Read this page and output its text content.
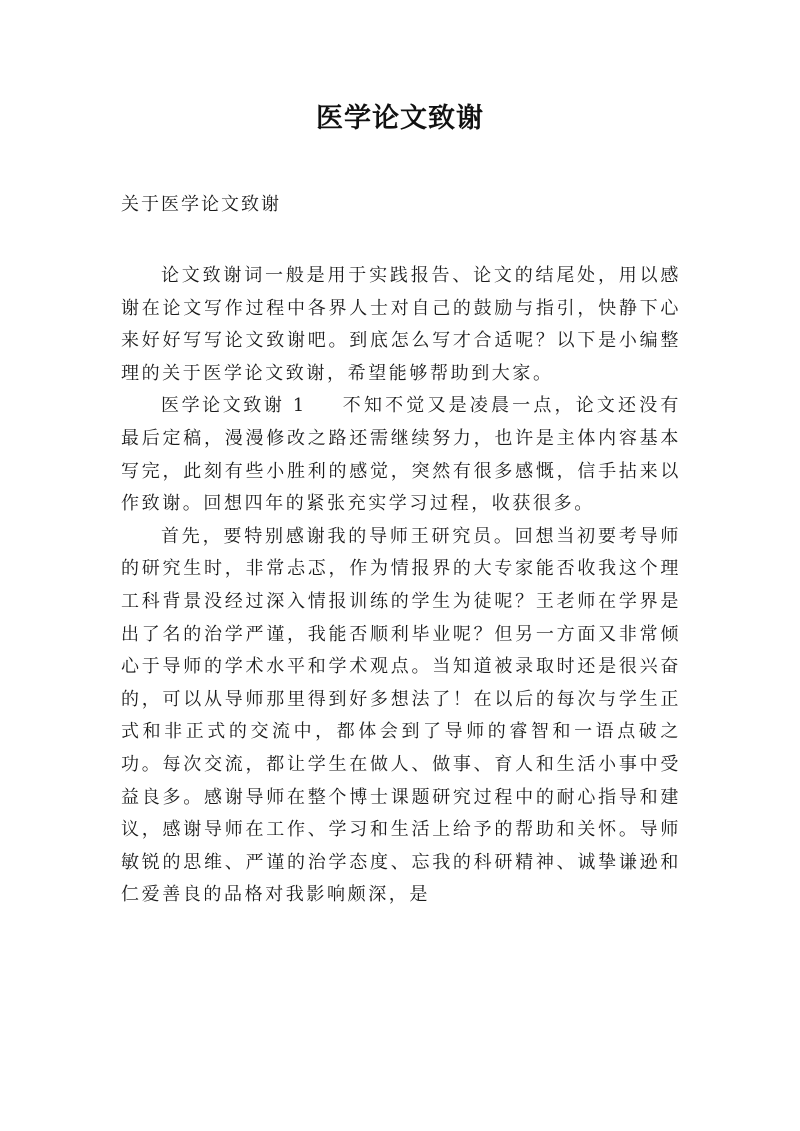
医学论文致谢
关于医学论文致谢

论文致谢词一般是用于实践报告、论文的结尾处，用以感谢在论文写作过程中各界人士对自己的鼓励与指引，快静下心来好好写写论文致谢吧。到底怎么写才合适呢？以下是小编整理的关于医学论文致谢，希望能够帮助到大家。

医学论文致谢 1 不知不觉又是凌晨一点，论文还没有最后定稿，漫漫修改之路还需继续努力，也许是主体内容基本写完，此刻有些小胜利的感觉，突然有很多感慨，信手拈来以作致谢。回想四年的紧张充实学习过程，收获很多。

首先，要特别感谢我的导师王研究员。回想当初要考导师的研究生时，非常忐忑，作为情报界的大专家能否收我这个理工科背景没经过深入情报训练的学生为徒呢？王老师在学界是出了名的治学严谨，我能否顺利毕业呢？但另一方面又非常倾心于导师的学术水平和学术观点。当知道被录取时还是很兴奋的，可以从导师那里得到好多想法了！在以后的每次与学生正式和非正式的交流中，都体会到了导师的睿智和一语点破之功。每次交流，都让学生在做人、做事、育人和生活小事中受益良多。感谢导师在整个博士课题研究过程中的耐心指导和建议，感谢导师在工作、学习和生活上给予的帮助和关怀。导师敏锐的思维、严谨的治学态度、忘我的科研精神、诚挚谦逊和仁爱善良的品格对我影响颇深，是
